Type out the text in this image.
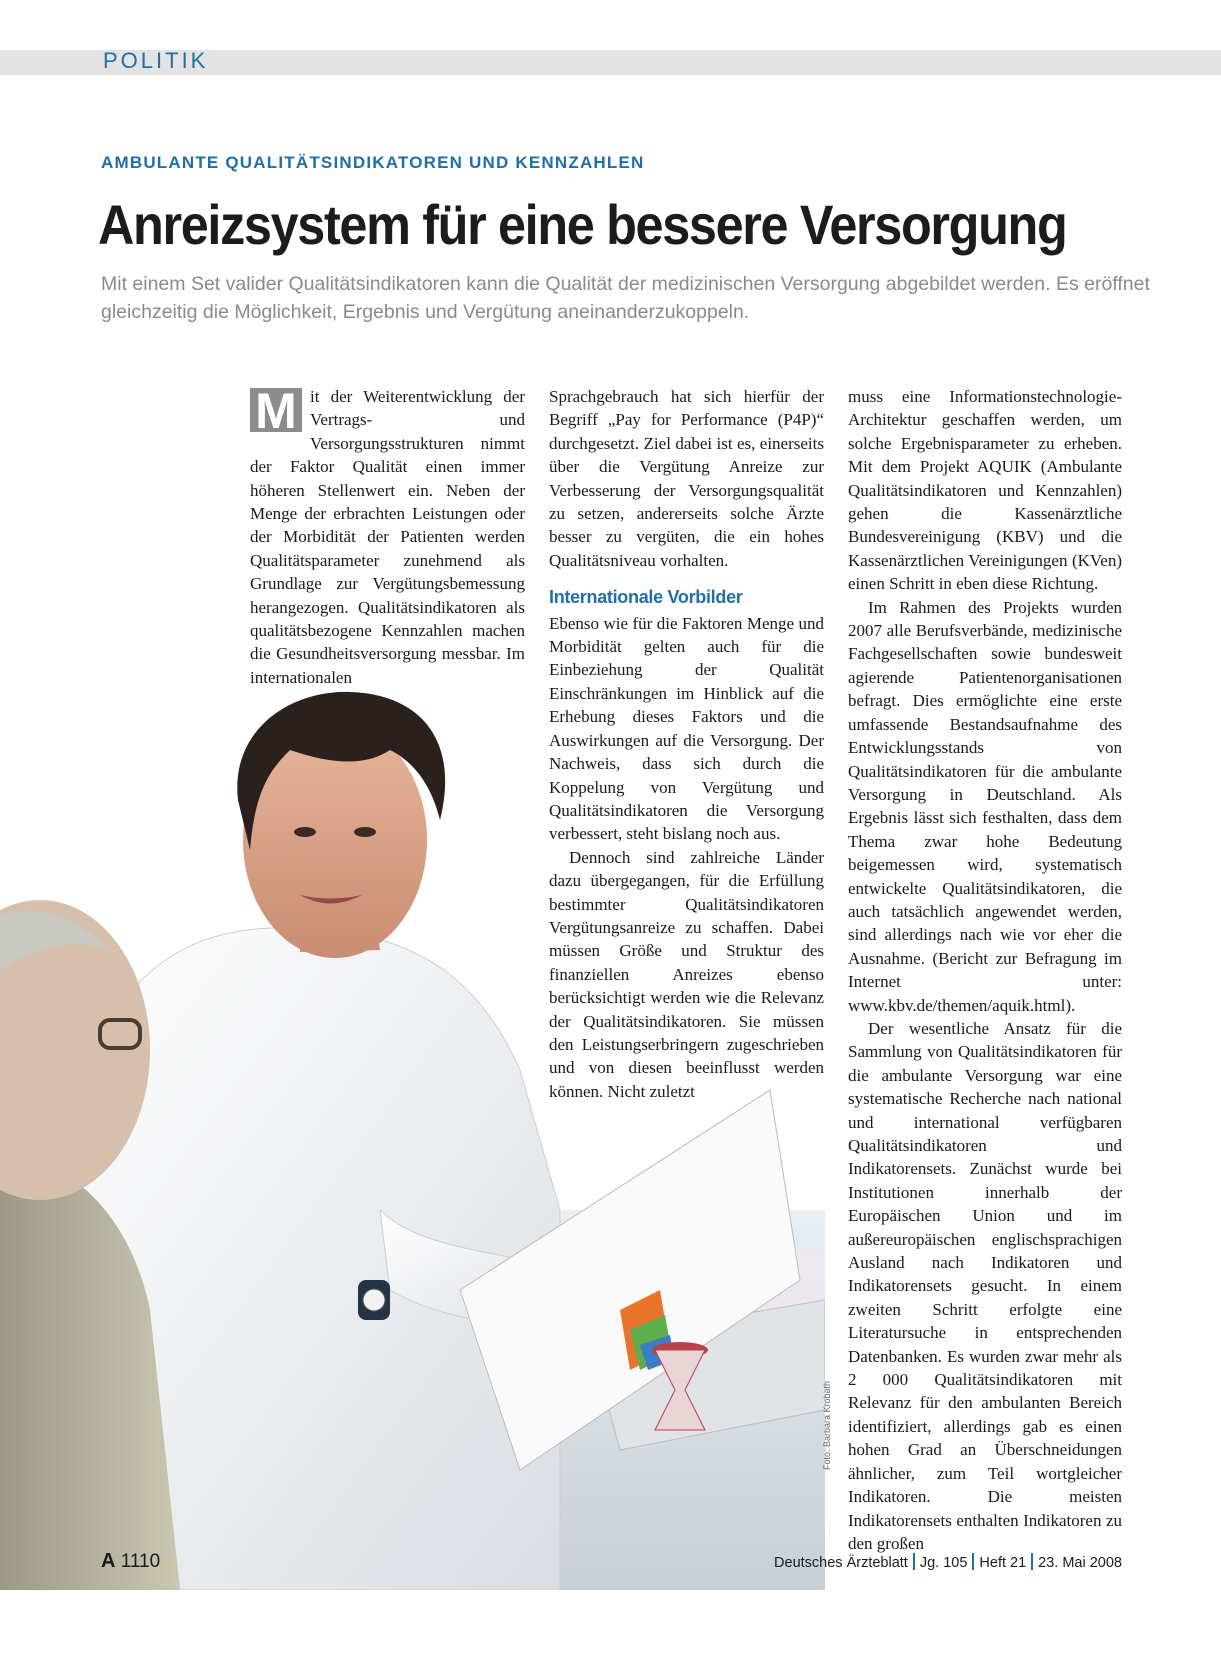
POLITIK
AMBULANTE QUALITÄTSINDIKATOREN UND KENNZAHLEN
Anreizsystem für eine bessere Versorgung
Mit einem Set valider Qualitätsindikatoren kann die Qualität der medizinischen Versorgung abgebildet werden. Es eröffnet gleichzeitig die Möglichkeit, Ergebnis und Vergütung aneinanderzukoppeln.
Foto: Barbara Krobath

M it der Weiterentwicklung der Vertrags- und Versorgungsstrukturen nimmt der Faktor Qualität einen immer höheren Stellenwert ein. Neben der Menge der erbrachten Leistungen oder der Morbidität der Patienten werden Qualitätsparameter zunehmend als Grundlage zur Vergütungsbemessung herangezogen. Qualitätsindikatoren als qualitätsbezogene Kennzahlen machen die Gesundheitsversorgung messbar. Im internationalen

Sprachgebrauch hat sich hierfür der Begriff „Pay for Performance (P4P)“ durchgesetzt. Ziel dabei ist es, einerseits über die Vergütung Anreize zur Verbesserung der Versorgungsqualität zu setzen, andererseits solche Ärzte besser zu vergüten, die ein hohes Qualitätsniveau vorhalten.

Internationale Vorbilder

Ebenso wie für die Faktoren Menge und Morbidität gelten auch für die Einbeziehung der Qualität Einschränkungen im Hinblick auf die Erhebung dieses Faktors und die Auswirkungen auf die Versorgung. Der Nachweis, dass sich durch die Koppelung von Vergütung und Qualitätsindikatoren die Versorgung verbessert, steht bislang noch aus.

Dennoch sind zahlreiche Länder dazu übergegangen, für die Erfüllung bestimmter Qualitätsindikatoren Vergütungsanreize zu schaffen. Dabei müssen Größe und Struktur des finanziellen Anreizes ebenso berücksichtigt werden wie die Relevanz der Qualitätsindikatoren. Sie müssen den Leistungserbringern zugeschrieben und von diesen beeinflusst werden können. Nicht zuletzt

muss eine Informationstechnologie-Architektur geschaffen werden, um solche Ergebnisparameter zu erheben. Mit dem Projekt AQUIK (Ambulante Qualitätsindikatoren und Kennzahlen) gehen die Kassenärztliche Bundesvereinigung (KBV) und die Kassenärztlichen Vereinigungen (KVen) einen Schritt in eben diese Richtung.

Im Rahmen des Projekts wurden 2007 alle Berufsverbände, medizinische Fachgesellschaften sowie bundesweit agierende Patientenorganisationen befragt. Dies ermöglichte eine erste umfassende Bestandsaufnahme des Entwicklungsstands von Qualitätsindikatoren für die ambulante Versorgung in Deutschland. Als Ergebnis lässt sich festhalten, dass dem Thema zwar hohe Bedeutung beigemessen wird, systematisch entwickelte Qualitätsindikatoren, die auch tatsächlich angewendet werden, sind allerdings nach wie vor eher die Ausnahme. (Bericht zur Befragung im Internet unter: www.kbv.de/themen/aquik.html).

Der wesentliche Ansatz für die Sammlung von Qualitätsindikatoren für die ambulante Versorgung war eine systematische Recherche nach national und international verfügbaren Qualitätsindikatoren und Indikatorensets. Zunächst wurde bei Institutionen innerhalb der Europäischen Union und im außereuropäischen englischsprachigen Ausland nach Indikatoren und Indikatorensets gesucht. In einem zweiten Schritt erfolgte eine Literatursuche in entsprechenden Datenbanken. Es wurden zwar mehr als 2 000 Qualitätsindikatoren mit Relevanz für den ambulanten Bereich identifiziert, allerdings gab es einen hohen Grad an Überschneidungen ähnlicher, zum Teil wortgleicher Indikatoren. Die meisten Indikatorensets enthalten Indikatoren zu den großen

A 1110	Deutsches Ärzteblatt Jg. 105 Heft 21 23. Mai 2008
